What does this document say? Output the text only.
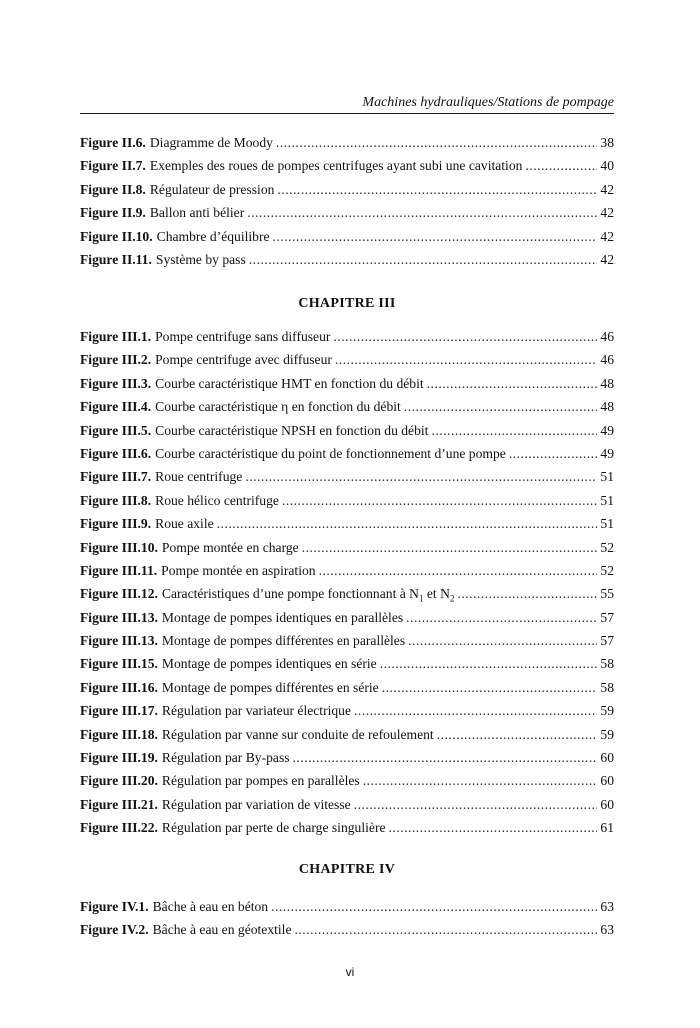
Machines hydrauliques/Stations de pompage
Figure II.6. Diagramme de Moody .....	38
Figure II.7. Exemples des roues de pompes centrifuges ayant subi une cavitation .....	40
Figure II.8. Régulateur de pression .....	42
Figure II.9. Ballon anti bélier .....	42
Figure II.10. Chambre d’équilibre .....	42
Figure II.11. Système by pass .....	42
CHAPITRE III
Figure III.1. Pompe centrifuge sans diffuseur .....	46
Figure III.2. Pompe centrifuge avec diffuseur .....	46
Figure III.3. Courbe caractéristique HMT en fonction du débit .....	48
Figure III.4. Courbe caractéristique η en fonction du débit .....	48
Figure III.5. Courbe caractéristique NPSH en fonction du débit .....	49
Figure III.6. Courbe caractéristique du point de fonctionnement d’une pompe .....	49
Figure III.7. Roue centrifuge .....	51
Figure III.8. Roue hélico centrifuge .....	51
Figure III.9. Roue axile .....	51
Figure III.10. Pompe montée en charge .....	52
Figure III.11. Pompe montée en aspiration .....	52
Figure III.12. Caractéristiques d’une pompe fonctionnant à $N_1$ et $N_2$ .....	55
Figure III.13. Montage de pompes identiques en parallèles .....	57
Figure III.13. Montage de pompes différentes en parallèles .....	57
Figure III.15. Montage de pompes identiques en série .....	58
Figure III.16. Montage de pompes différentes en série .....	58
Figure III.17. Régulation par variateur électrique .....	59
Figure III.18. Régulation par vanne sur conduite de refoulement .....	59
Figure III.19. Régulation par By-pass .....	60
Figure III.20. Régulation par pompes en parallèles .....	60
Figure III.21. Régulation par variation de vitesse .....	60
Figure III.22. Régulation par perte de charge singulière .....	61
CHAPITRE IV
Figure IV.1. Bâche à eau en béton .....	63
Figure IV.2. Bâche à eau en géotextile .....	63
vi
